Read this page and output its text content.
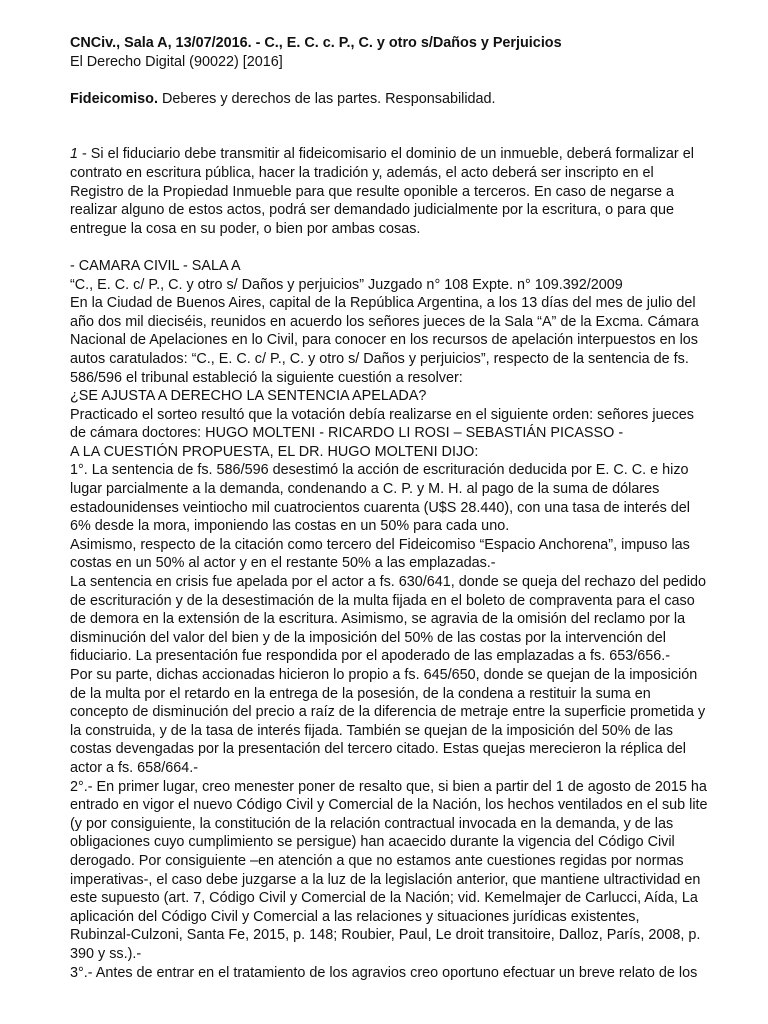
CNCiv., Sala A, 13/07/2016. - C., E. C. c. P., C. y otro s/Daños y Perjuicios
El Derecho Digital (90022) [2016]
Fideicomiso. Deberes y derechos de las partes. Responsabilidad.
1 - Si el fiduciario debe transmitir al fideicomisario el dominio de un inmueble, deberá formalizar el
contrato en escritura pública, hacer la tradición y, además, el acto deberá ser inscripto en el
Registro de la Propiedad Inmueble para que resulte oponible a terceros. En caso de negarse a
realizar alguno de estos actos, podrá ser demandado judicialmente por la escritura, o para que
entregue la cosa en su poder, o bien por ambas cosas.
- CAMARA CIVIL - SALA A
“C., E. C. c/ P., C. y otro s/ Daños y perjuicios” Juzgado n° 108 Expte. n° 109.392/2009
En la Ciudad de Buenos Aires, capital de la República Argentina, a los 13 días del mes de julio del
año dos mil dieciséis, reunidos en acuerdo los señores jueces de la Sala “A” de la Excma. Cámara
Nacional de Apelaciones en lo Civil, para conocer en los recursos de apelación interpuestos en los
autos caratulados: “C., E. C. c/ P., C. y otro s/ Daños y perjuicios”, respecto de la sentencia de fs.
586/596 el tribunal estableció la siguiente cuestión a resolver:
¿SE AJUSTA A DERECHO LA SENTENCIA APELADA?
Practicado el sorteo resultó que la votación debía realizarse en el siguiente orden: señores jueces
de cámara doctores: HUGO MOLTENI - RICARDO LI ROSI – SEBASTIÁN PICASSO -
A LA CUESTIÓN PROPUESTA, EL DR. HUGO MOLTENI DIJO:
1°. La sentencia de fs. 586/596 desestimó la acción de escrituración deducida por E. C. C. e hizo
lugar parcialmente a la demanda, condenando a C. P. y M. H. al pago de la suma de dólares
estadounidenses veintiocho mil cuatrocientos cuarenta (U$S 28.440), con una tasa de interés del
6% desde la mora, imponiendo las costas en un 50% para cada uno.
Asimismo, respecto de la citación como tercero del Fideicomiso “Espacio Anchorena”, impuso las
costas en un 50% al actor y en el restante 50% a las emplazadas.-
La sentencia en crisis fue apelada por el actor a fs. 630/641, donde se queja del rechazo del pedido
de escrituración y de la desestimación de la multa fijada en el boleto de compraventa para el caso
de demora en la extensión de la escritura. Asimismo, se agravia de la omisión del reclamo por la
disminución del valor del bien y de la imposición del 50% de las costas por la intervención del
fiduciario. La presentación fue respondida por el apoderado de las emplazadas a fs. 653/656.-
Por su parte, dichas accionadas hicieron lo propio a fs. 645/650, donde se quejan de la imposición
de la multa por el retardo en la entrega de la posesión, de la condena a restituir la suma en
concepto de disminución del precio a raíz de la diferencia de metraje entre la superficie prometida y
la construida, y de la tasa de interés fijada. También se quejan de la imposición del 50% de las
costas devengadas por la presentación del tercero citado. Estas quejas merecieron la réplica del
actor a fs. 658/664.-
2°.- En primer lugar, creo menester poner de resalto que, si bien a partir del 1 de agosto de 2015 ha
entrado en vigor el nuevo Código Civil y Comercial de la Nación, los hechos ventilados en el sub lite
(y por consiguiente, la constitución de la relación contractual invocada en la demanda, y de las
obligaciones cuyo cumplimiento se persigue) han acaecido durante la vigencia del Código Civil
derogado. Por consiguiente –en atención a que no estamos ante cuestiones regidas por normas
imperativas-, el caso debe juzgarse a la luz de la legislación anterior, que mantiene ultractividad en
este supuesto (art. 7, Código Civil y Comercial de la Nación; vid. Kemelmajer de Carlucci, Aída, La
aplicación del Código Civil y Comercial a las relaciones y situaciones jurídicas existentes,
Rubinzal-Culzoni, Santa Fe, 2015, p. 148; Roubier, Paul, Le droit transitoire, Dalloz, París, 2008, p.
390 y ss.).-
3°.- Antes de entrar en el tratamiento de los agravios creo oportuno efectuar un breve relato de los
